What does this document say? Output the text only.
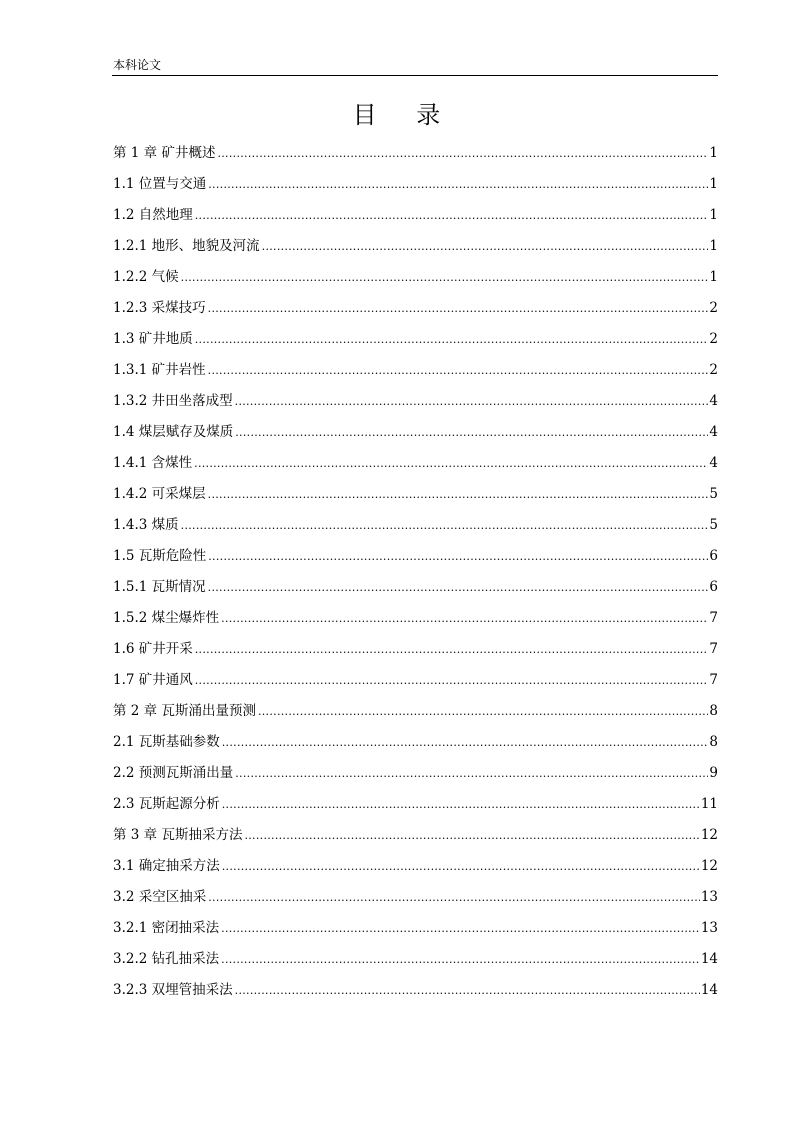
本科论文
目 录
第 1 章 矿井概述 .....	1
1.1 位置与交通 .....	1
1.2 自然地理 .....	1
1.2.1 地形、地貌及河流 .....	1
1.2.2 气候 .....	1
1.2.3 采煤技巧 .....	2
1.3 矿井地质 .....	2
1.3.1 矿井岩性 .....	2
1.3.2 井田坐落成型 .....	4
1.4 煤层赋存及煤质 .....	4
1.4.1 含煤性 .....	4
1.4.2 可采煤层 .....	5
1.4.3 煤质 .....	5
1.5 瓦斯危险性 .....	6
1.5.1 瓦斯情况 .....	6
1.5.2 煤尘爆炸性 .....	7
1.6 矿井开采 .....	7
1.7 矿井通风 .....	7
第 2 章 瓦斯涌出量预测 .....	8
2.1 瓦斯基础参数 .....	8
2.2 预测瓦斯涌出量 .....	9
2.3 瓦斯起源分析 .....	11
第 3 章 瓦斯抽采方法 .....	12
3.1 确定抽采方法 .....	12
3.2 采空区抽采 .....	13
3.2.1 密闭抽采法 .....	13
3.2.2 钻孔抽采法 .....	14
3.2.3 双埋管抽采法 .....	14
